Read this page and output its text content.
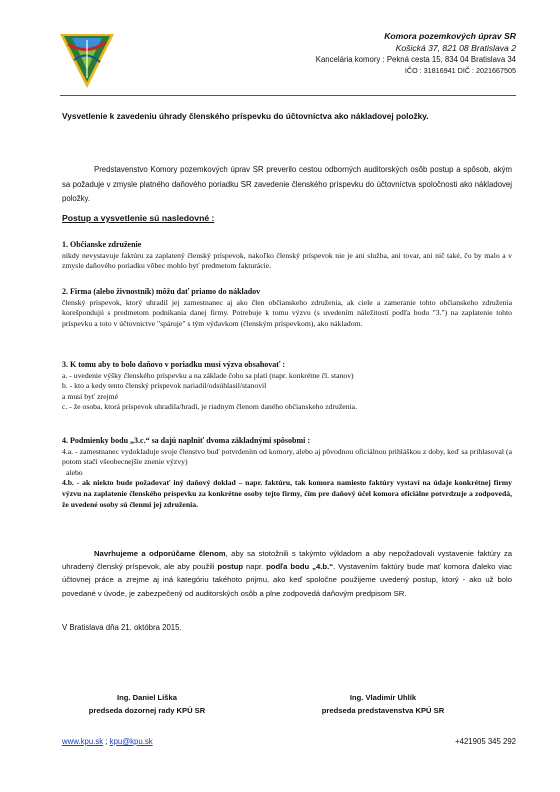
Komora pozemkových úprav SR
Košická 37, 821 08 Bratislava 2
Kancelária komory : Pekná cesta 15, 834 04 Bratislava 34
IČO : 31816941 DIČ : 2021667505
Vysvetlenie k zavedeniu úhrady členského príspevku do účtovníctva ako nákladovej položky.
Predstavenstvo Komory pozemkových úprav SR preverilo cestou odborných auditorských osôb postup a spôsob, akým sa požaduje v zmysle platného daňového poriadku SR zavedenie členského príspevku do účtovníctva spoločnosti ako nákladovej položky.
Postup a vysvetlenie sú nasledovné :
1. Občianske združenie

nikdy nevystavuje faktúru za zaplatený členský príspevok, nakoľko členský príspevok nie je ani služba, ani tovar, ani nič také, čo by malo a v zmysle daňového poriadku vôbec mohlo byť predmetom fakturácie.

2. Firma (alebo živnostník) môžu dať priamo do nákladov

členský príspevok, ktorý uhradil jej zamestnanec aj ako člen občianskeho združenia, ak ciele a zameranie tohto občianskeho združenia korešpondujú s predmetom podnikania danej firmy. Potrebuje k tomu výzvu (s uvedením náležitostí podľa bodu "3.") na zaplatenie tohto príspevku a toto v účtovnictve "spáruje" s tým výdavkom (členským príspevkom), ako nákladom.

3. K tomu aby to bolo daňovo v poriadku musí výzva obsahovať :
a. - uvedenie výšky členského príspevku a na základe čoho sa platí (napr. konkrétne čl. stanov)
b. - kto a kedy tento členský príspevok nariadil/odsúhlasil/stanovil
a musí byť zrejmé
c. - že osoba, ktorá príspevok uhradila/hradí, je riadnym členom daného občianskeho združenia.
4. Podmienky bodu „3.c.“ sa dajú naplniť dvoma základnými spôsobmi :

4.a. - zamestnanec vydokladuje svoje členstvo buď potvrdením od komory, alebo aj pôvodnou oficiálnou prihláškou z doby, keď sa prihlasoval (a potom stačí všeobecnejšie znenie výzvy)

alebo

4.b. - ak niekto bude požadovať iný daňový doklad – napr. faktúru, tak komora namiesto faktúry vystaví na údaje konkrétnej firmy výzvu na zaplatenie členského príspevku za konkrétne osoby tejto firmy, čím pre daňový účel komora oficiálne potvrdzuje a zodpovedá, že uvedené osoby sú členmi jej združenia.

Navrhujeme a odporúčame členom, aby sa stotožnili s takýmto výkladom a aby nepožadovali vystavenie faktúry za uhradený členský príspevok, ale aby použili postup napr. podľa bodu „4.b.“. Vystavením faktúry bude mať komora ďaleko viac účtovnej práce a zrejme aj iná kategóriu takéhoto prijmu, ako keď spoločne použijeme uvedený postup, ktorý - ako už bolo povedané v úvode, je zabezpečený od auditorských osôb a plne zodpovedá daňovým predpisom SR.
V Bratislava dňa 21. októbra 2015.
Ing. Daniel Líška
predseda dozornej rady KPÚ SR
Ing. Vladimír Uhlík
predseda predstavenstva KPÚ SR
www.kpu.sk ; kpu@kpu.sk	+421905 345 292
